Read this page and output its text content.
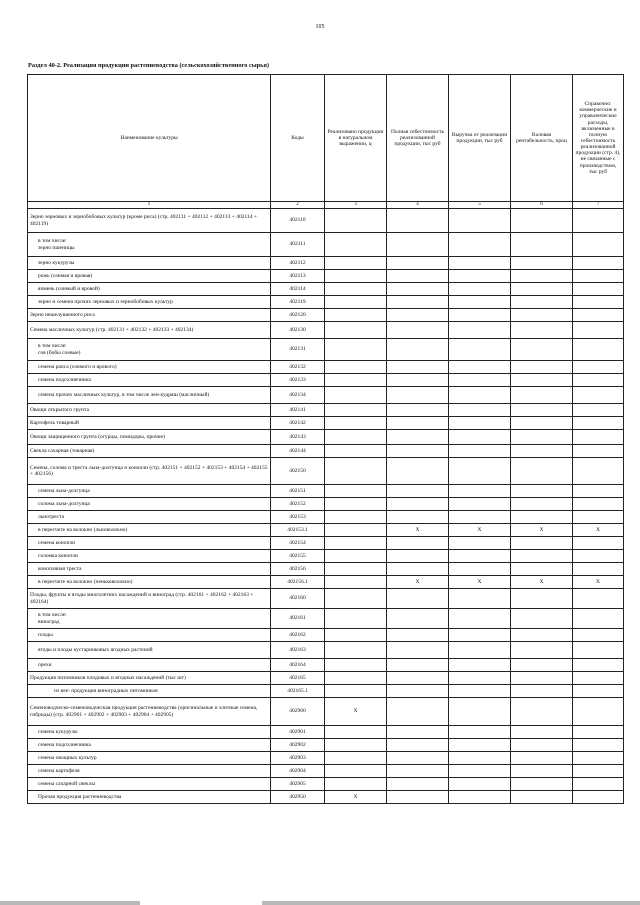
105
Раздел 40-2. Реализация продукции растениеводства (сельскохозяйственного сырья)
Наименование культуры	Коды	Реализовано продукции в натуральном выражении, ц	Полная себестоимость реализованной продукции, тыс руб	Выручка от реализации продукции, тыс руб	Валовая рентабельность, проц	Справочно: коммерческие и управленческие расходы, включенные в полную себестоимость реализованной продукции (стр. 4), не связанные с производством, тыс руб
1	2	3	4	5	6	7
Зерно зерновых и зернобобовых культур (кроме риса) (стр. 402111 + 402112 + 402113 + 402114 + 402119)	402110					
в том числе:
зерно пшеницы	402111					
зерно кукурузы	402112					
рожь (озимая и яровая)	402113					
ячмень (озимый и яровой)	402114					
зерно и семена прочих зерновых и зернобобовых культур	402119					
Зерно нешелушенного риса	402120					
Семена масличных культур (стр. 402131 + 402132 + 402133 + 402134)	402130					
в том числе:
соя (бобы соевые)	402131					
семена рапса (озимого и ярового)	402132					
семена подсолнечника	402133					
семена прочих масличных культур, в том числе лен-кудряш (масличный)	402134					
Овощи открытого грунта	402141					
Картофель товарный	402142					
Овощи защищенного грунта (огурцы, помидоры, прочие)	402143					
Свекла сахарная (товарная)	402144					
Семена, солома и треста льна-долгунца и конопли (стр. 402151 + 402152 + 402153 + 402154 + 402155 + 402156)	402150					
семена льна-долгунца	402151					
солома льна-долгунца	402152					
льнотреста	402153					
в пересчете на волокно (льноволокно)	402153.1		X	X	X	X
семена конопли	402154					
соломка конопли	402155					
конопляная треста	402156					
в пересчете на волокно (пеньковолокно)	402156.1		X	X	X	X
Плоды, фрукты и ягоды многолетних насаждений и виноград (стр. 402161 + 402162 + 402163 + 402164)	402160					
в том числе:
виноград	402161					
плоды	402162					
ягоды и плоды кустарниковых ягодных растений	402163					
орехи	402164					
Продукция питомников плодовых и ягодных насаждений (тыс шт)	402165					
из нее: продукция виноградных питомников	402165.1					
Семеноводческо-семеноводческая продукция растениеводства (оригинальные и элитные семена, гибриды) (стр. 402901 + 402902 + 402903 + 402904 + 402905)	402900	X				
семена кукурузы	402901					
семена подсолнечника	402902					
семена овощных культур	402903					
семена картофеля	402904					
семена сахарной свеклы	402905					
Прочая продукция растениеводства	402950	X				
